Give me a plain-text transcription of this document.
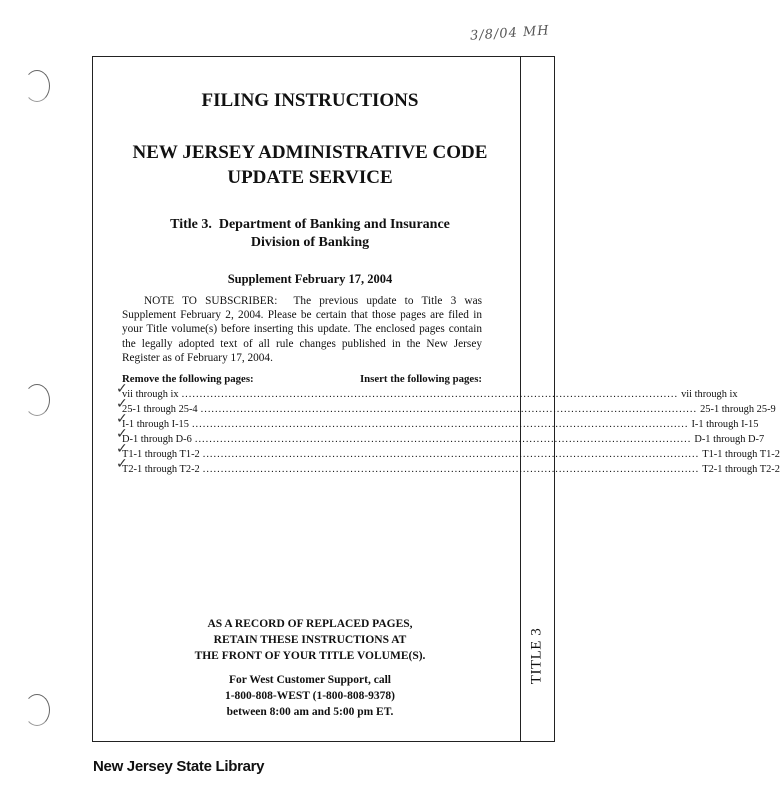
3/8/04 MH
TITLE 3
FILING INSTRUCTIONS
NEW JERSEY ADMINISTRATIVE CODE
UPDATE SERVICE
Title 3.  Department of Banking and Insurance
Division of Banking
Supplement February 17, 2004
NOTE TO SUBSCRIBER:  The previous update to Title 3 was Supplement February 2, 2004. Please be certain that those pages are filed in your Title volume(s) before inserting this update. The enclosed pages contain the legally adopted text of all rule changes published in the New Jersey Register as of February 17, 2004.
Remove the following pages:	Insert the following pages:
✓
vii through ix .......................................................................................................................................... vii through ix
✓
25-1 through 25-4 .......................................................................................................................................... 25-1 through 25-9
✓
I-1 through I-15 .......................................................................................................................................... I-1 through I-15
✓
D-1 through D-6 .......................................................................................................................................... D-1 through D-7
✓
T1-1 through T1-2 .......................................................................................................................................... T1-1 through T1-2
✓
T2-1 through T2-2 .......................................................................................................................................... T2-1 through T2-2
AS A RECORD OF REPLACED PAGES,
RETAIN THESE INSTRUCTIONS AT
THE FRONT OF YOUR TITLE VOLUME(S).
For West Customer Support, call
1-800-808-WEST (1-800-808-9378)
between 8:00 am and 5:00 pm ET.
New Jersey State Library
